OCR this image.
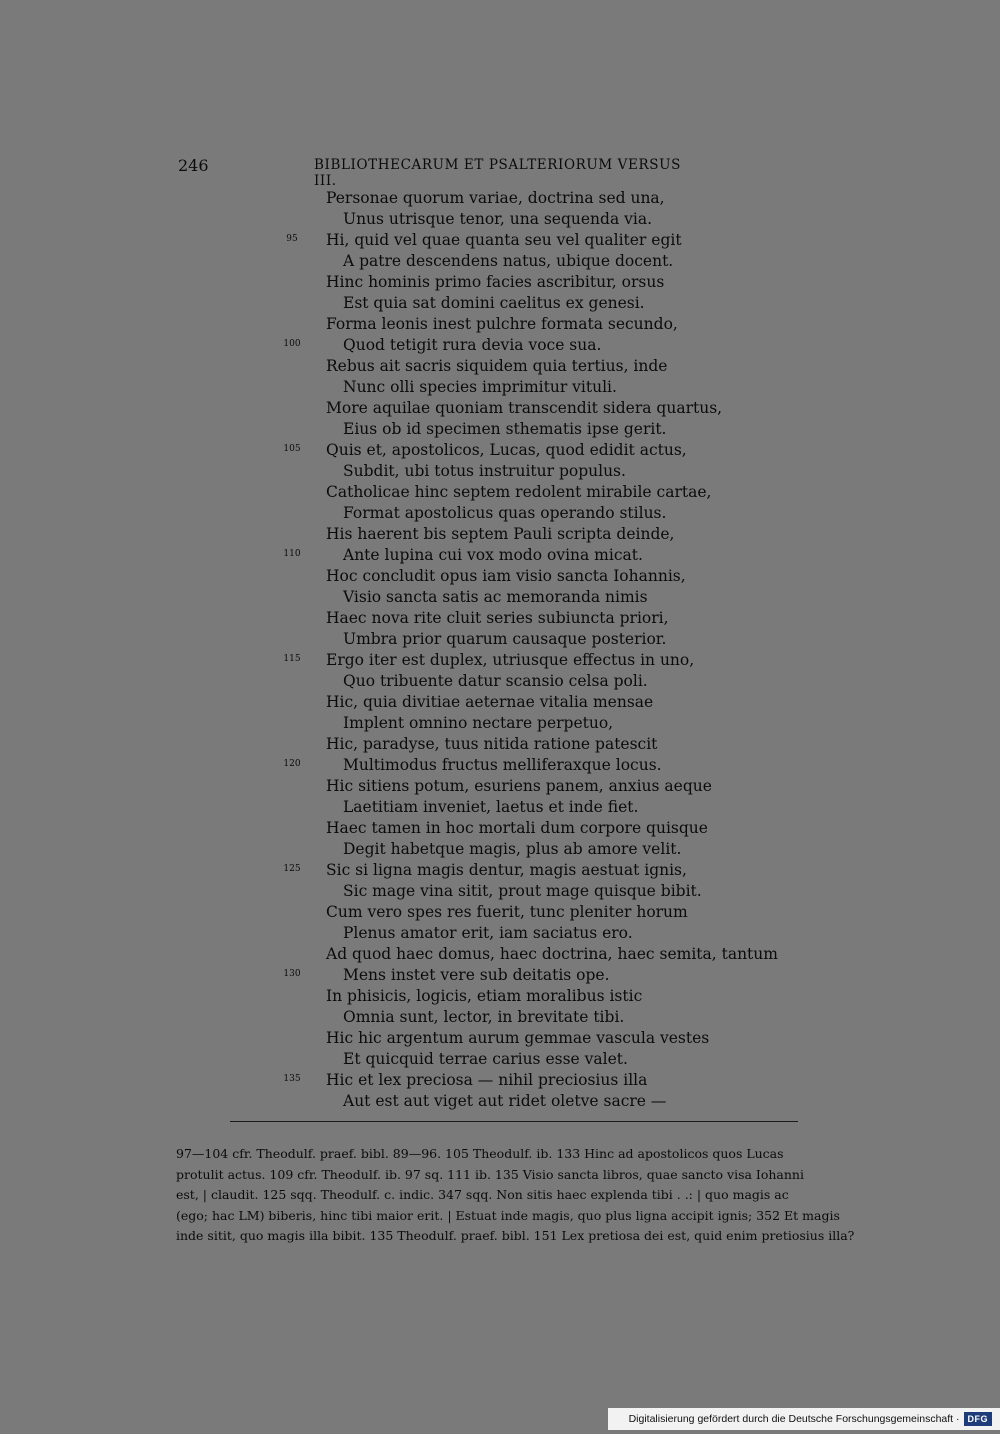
246	BIBLIOTHECARUM ET PSALTERIORUM VERSUS III.
Personae quorum variae, doctrina sed una,
Unus utrisque tenor, una sequenda via.
95	Hi, quid vel quae quanta seu vel qualiter egit
A patre descendens natus, ubique docent.
Hinc hominis primo facies ascribitur, orsus
Est quia sat domini caelitus ex genesi.
Forma leonis inest pulchre formata secundo,
100	Quod tetigit rura devia voce sua.
Rebus ait sacris siquidem quia tertius, inde
Nunc olli species imprimitur vituli.
More aquilae quoniam transcendit sidera quartus,
Eius ob id specimen sthematis ipse gerit.
105 Quis et, apostolicos, Lucas, quod edidit actus,
Subdit, ubi totus instruitur populus.
Catholicae hinc septem redolent mirabile cartae,
Format apostolicus quas operando stilus.
His haerent bis septem Pauli scripta deinde,
110	Ante lupina cui vox modo ovina micat.
Hoc concludit opus iam visio sancta Iohannis,
Visio sancta satis ac memoranda nimis
Haec nova rite cluit series subiuncta priori,
Umbra prior quarum causaque posterior.
115 Ergo iter est duplex, utriusque effectus in uno,
Quo tribuente datur scansio celsa poli.
Hic, quia divitiae aeternae vitalia mensae
Implent omnino nectare perpetuo,
Hic, paradyse, tuus nitida ratione patescit
120	Multimodus fructus melliferaxque locus.
Hic sitiens potum, esuriens panem, anxius aeque
Laetitiam inveniet, laetus et inde fiet.
Haec tamen in hoc mortali dum corpore quisque
Degit habetque magis, plus ab amore velit.
125 Sic si ligna magis dentur, magis aestuat ignis,
Sic mage vina sitit, prout mage quisque bibit.
Cum vero spes res fuerit, tunc pleniter horum
Plenus amator erit, iam saciatus ero.
Ad quod haec domus, haec doctrina, haec semita, tantum
130	Mens instet vere sub deitatis ope.
In phisicis, logicis, etiam moralibus istic
Omnia sunt, lector, in brevitate tibi.
Hic hic argentum aurum gemmae vascula vestes
Et quicquid terrae carius esse valet.
135 Hic et lex preciosa — nihil preciosius illa
Aut est aut viget aut ridet oletve sacre —

97—104 cfr. Theodulf. praef. bibl. 89—96. 105 Theodulf. ib. 133 Hinc ad apostolicos quos Lucas

protulit actus. 109 cfr. Theodulf. ib. 97 sq. 111 ib. 135 Visio sancta libros, quae sancto visa Iohanni

est, | claudit. 125 sqq. Theodulf. c. indic. 347 sqq. Non sitis haec explenda tibi . .: | quo magis ac

(ego; hac LM) biberis, hinc tibi maior erit. | Estuat inde magis, quo plus ligna accipit ignis; 352 Et magis

inde sitit, quo magis illa bibit. 135 Theodulf. praef. bibl. 151 Lex pretiosa dei est, quid enim pretiosius illa?

Digitalisierung gefördert durch die Deutsche Forschungsgemeinschaft · DFG
